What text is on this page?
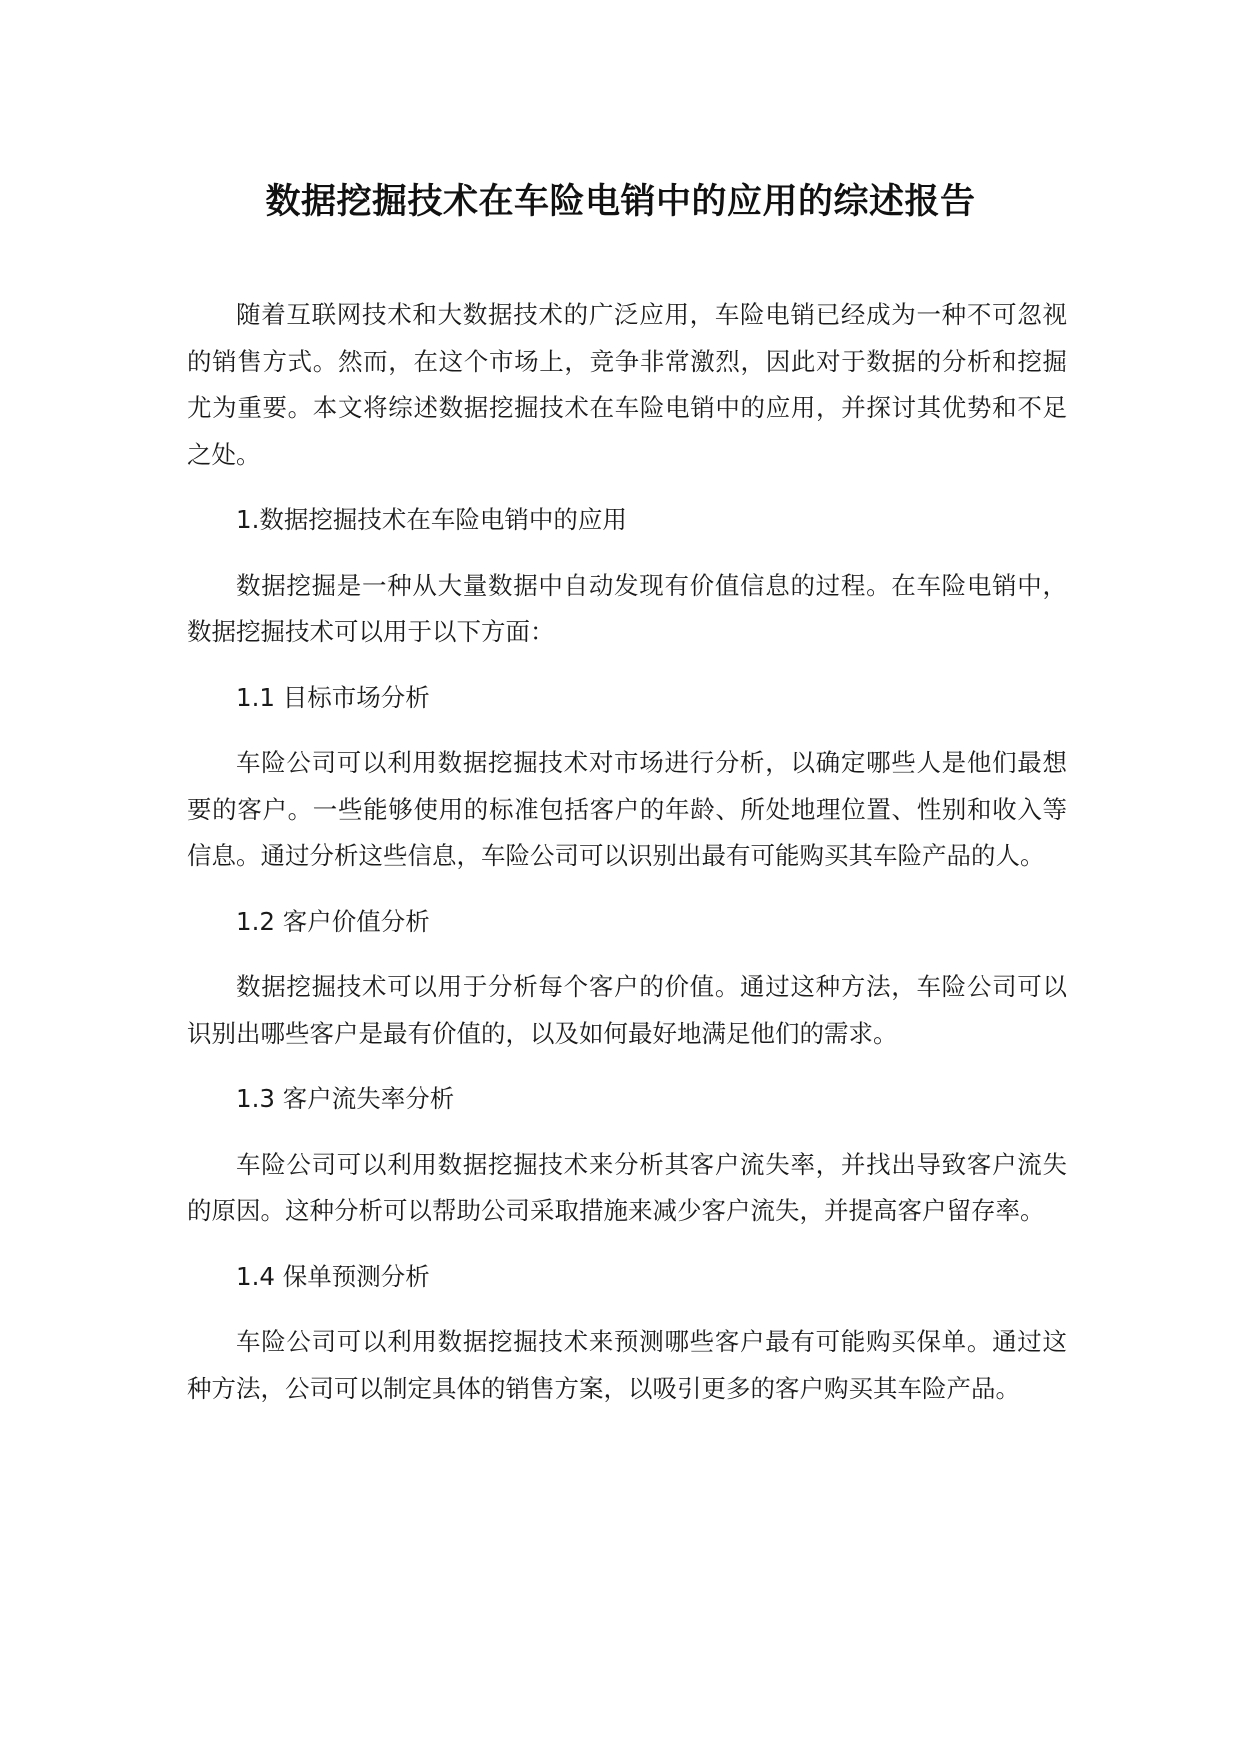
数据挖掘技术在车险电销中的应用的综述报告

随着互联网技术和大数据技术的广泛应用，车险电销已经成为一种不可忽视的销售方式。然而，在这个市场上，竞争非常激烈，因此对于数据的分析和挖掘尤为重要。本文将综述数据挖掘技术在车险电销中的应用，并探讨其优势和不足之处。

1.数据挖掘技术在车险电销中的应用

数据挖掘是一种从大量数据中自动发现有价值信息的过程。在车险电销中，数据挖掘技术可以用于以下方面：

1.1 目标市场分析

车险公司可以利用数据挖掘技术对市场进行分析，以确定哪些人是他们最想要的客户。一些能够使用的标准包括客户的年龄、所处地理位置、性别和收入等信息。通过分析这些信息，车险公司可以识别出最有可能购买其车险产品的人。

1.2 客户价值分析

数据挖掘技术可以用于分析每个客户的价值。通过这种方法，车险公司可以识别出哪些客户是最有价值的，以及如何最好地满足他们的需求。

1.3 客户流失率分析

车险公司可以利用数据挖掘技术来分析其客户流失率，并找出导致客户流失的原因。这种分析可以帮助公司采取措施来减少客户流失，并提高客户留存率。

1.4 保单预测分析

车险公司可以利用数据挖掘技术来预测哪些客户最有可能购买保单。通过这种方法，公司可以制定具体的销售方案，以吸引更多的客户购买其车险产品。
